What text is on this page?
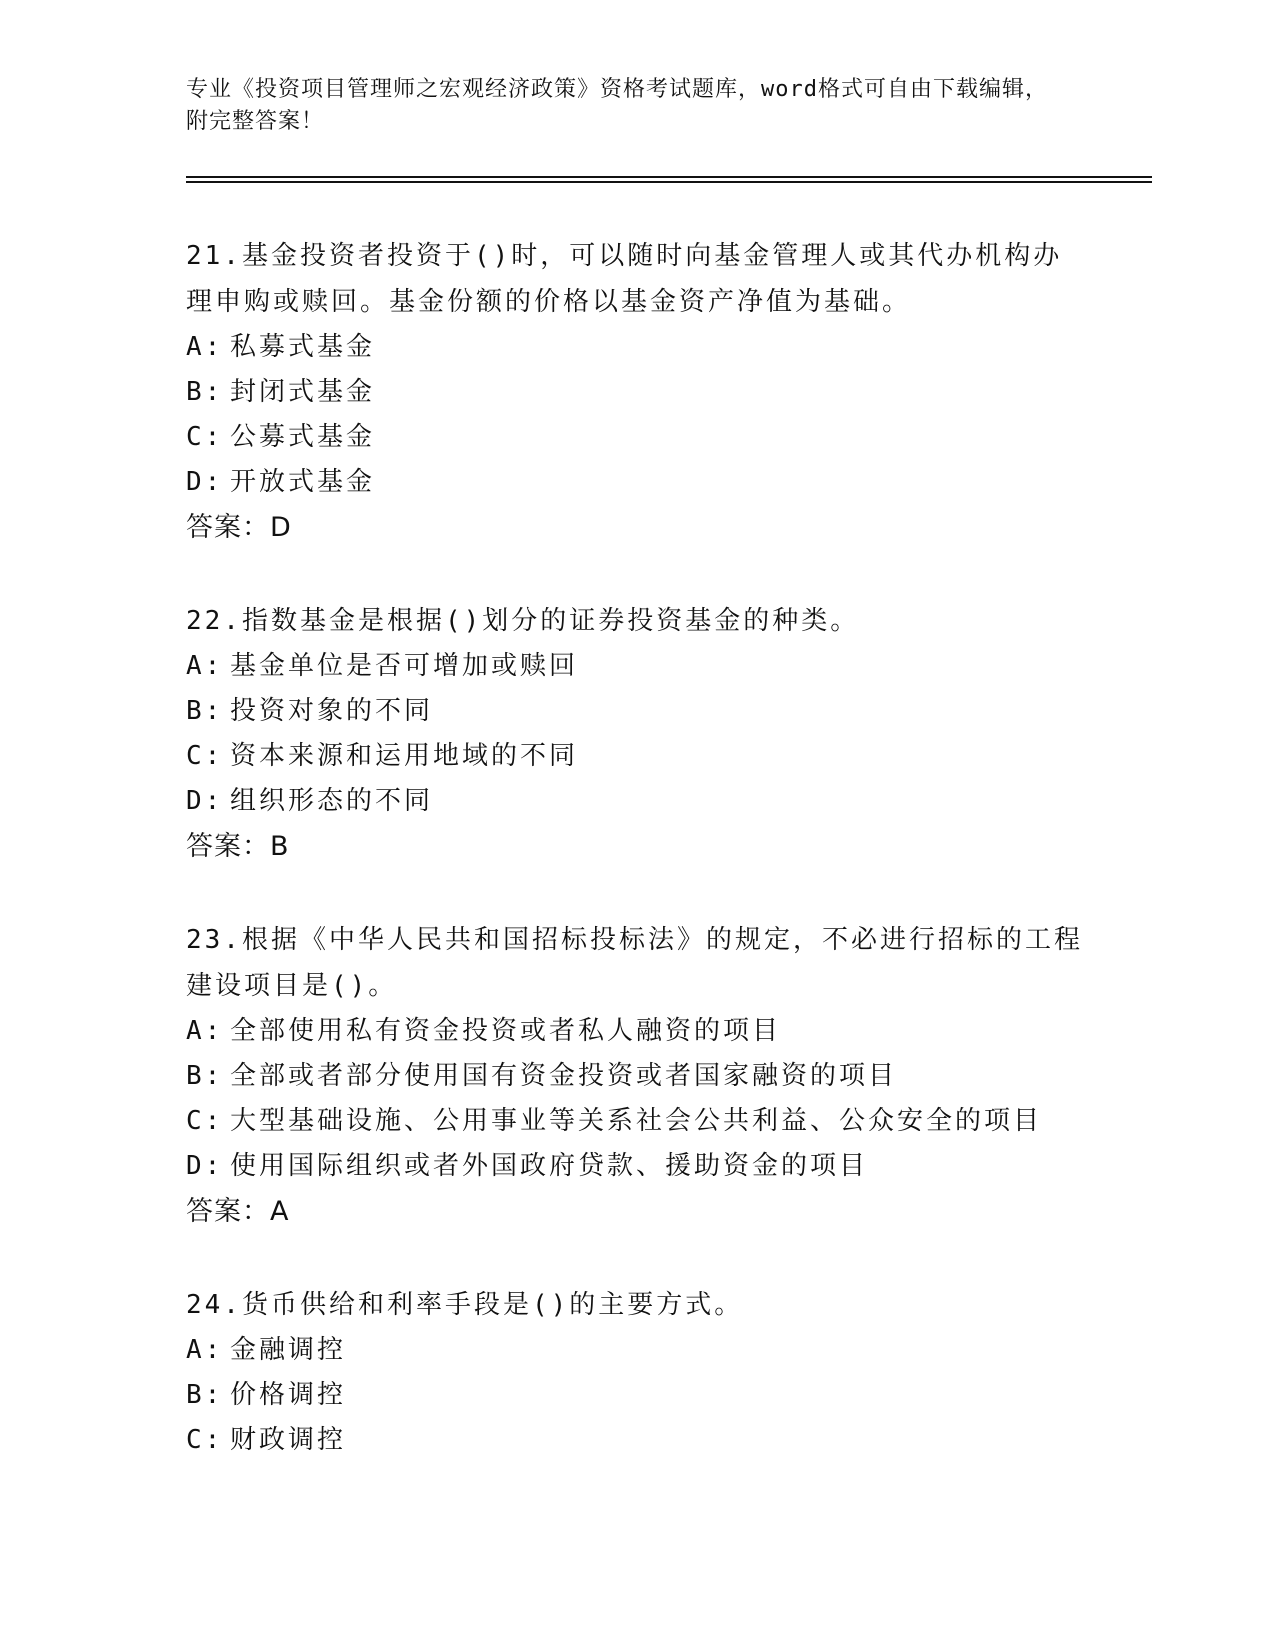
专业《投资项目管理师之宏观经济政策》资格考试题库，word格式可自由下载编辑，附完整答案！
21.基金投资者投资于()时，可以随时向基金管理人或其代办机构办理申购或赎回。基金份额的价格以基金资产净值为基础。
A: 私募式基金
B: 封闭式基金
C: 公募式基金
D: 开放式基金
答案：D
22.指数基金是根据()划分的证券投资基金的种类。
A: 基金单位是否可增加或赎回
B: 投资对象的不同
C: 资本来源和运用地域的不同
D: 组织形态的不同
答案：B
23.根据《中华人民共和国招标投标法》的规定，不必进行招标的工程建设项目是()。
A: 全部使用私有资金投资或者私人融资的项目
B: 全部或者部分使用国有资金投资或者国家融资的项目
C: 大型基础设施、公用事业等关系社会公共利益、公众安全的项目
D: 使用国际组织或者外国政府贷款、援助资金的项目
答案：A
24.货币供给和利率手段是()的主要方式。
A: 金融调控
B: 价格调控
C: 财政调控
